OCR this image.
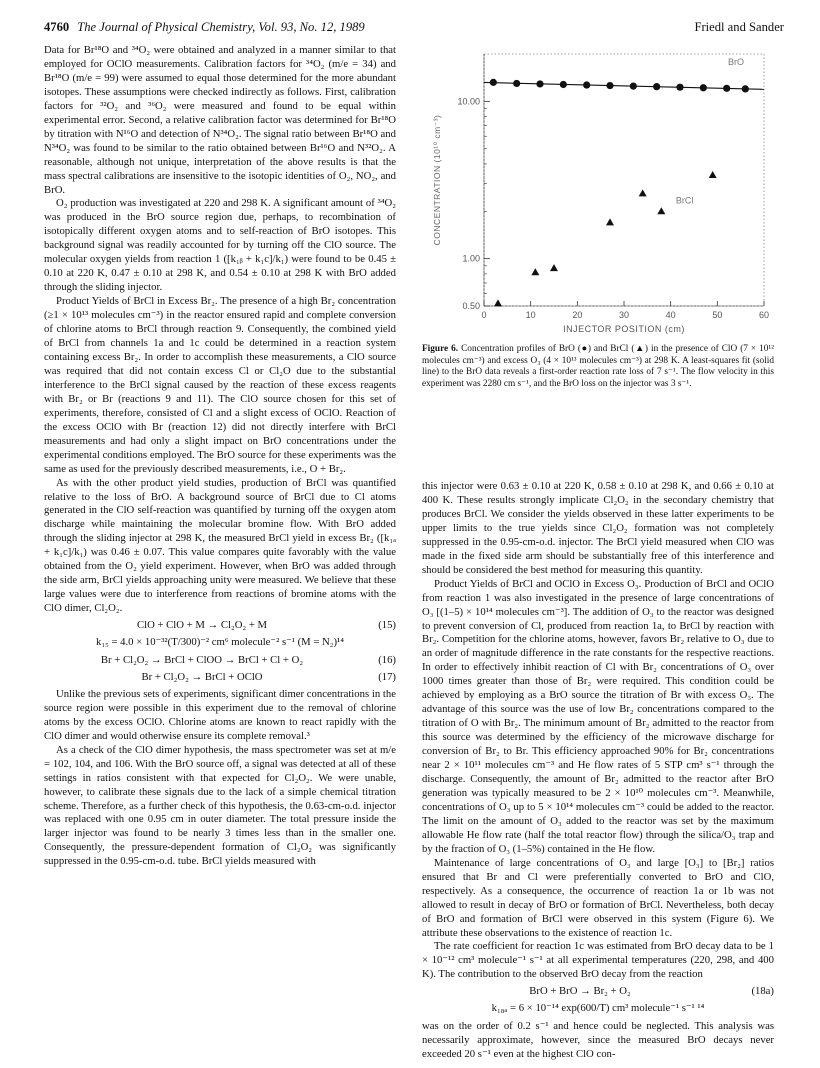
4760 The Journal of Physical Chemistry, Vol. 93, No. 12, 1989	Friedl and Sander

Data for Br¹⁸O and ³⁴O₂ were obtained and analyzed in a manner similar to that employed for OClO measurements. Calibration factors for ³⁴O₂ (m/e = 34) and Br¹⁸O (m/e = 99) were assumed to equal those determined for the more abundant isotopes. These assumptions were checked indirectly as follows. First, calibration factors for ³²O₂ and ³⁶O₂ were measured and found to be equal within experimental error. Second, a relative calibration factor was determined for Br¹⁸O by titration with N¹⁶O and detection of N³⁴O₂. The signal ratio between Br¹⁸O and N³⁴O₂ was found to be similar to the ratio obtained between Br¹⁶O and N³²O₂. A reasonable, although not unique, interpretation of the above results is that the mass spectral calibrations are insensitive to the isotopic identities of O₂, NO₂, and BrO.

O₂ production was investigated at 220 and 298 K. A significant amount of ³⁴O₂ was produced in the BrO source region due, perhaps, to recombination of isotopically different oxygen atoms and to self-reaction of BrO isotopes. This background signal was readily accounted for by turning off the ClO source. The molecular oxygen yields from reaction 1 ([k₁ᵦ + k₁c]/k₁) were found to be 0.45 ± 0.10 at 220 K, 0.47 ± 0.10 at 298 K, and 0.54 ± 0.10 at 298 K with BrO added through the sliding injector.

Product Yields of BrCl in Excess Br₂. The presence of a high Br₂ concentration (≥1 × 10¹³ molecules cm⁻³) in the reactor ensured rapid and complete conversion of chlorine atoms to BrCl through reaction 9. Consequently, the combined yield of BrCl from channels 1a and 1c could be determined in a reaction system containing excess Br₂. In order to accomplish these measurements, a ClO source was required that did not contain excess Cl or Cl₂O due to the substantial interference to the BrCl signal caused by the reaction of these excess reagents with Br₂ or Br (reactions 9 and 11). The ClO source chosen for this set of experiments, therefore, consisted of Cl and a slight excess of OClO. Reaction of the excess OClO with Br (reaction 12) did not directly interfere with BrCl measurements and had only a slight impact on BrO concentrations under the experimental conditions employed. The BrO source for these experiments was the same as used for the previously described measurements, i.e., O + Br₂.

As with the other product yield studies, production of BrCl was quantified relative to the loss of BrO. A background source of BrCl due to Cl atoms generated in the ClO self-reaction was quantified by turning off the oxygen atom discharge while maintaining the molecular bromine flow. With BrO added through the sliding injector at 298 K, the measured BrCl yield in excess Br₂ ([k₁ₐ + k₁c]/k₁) was 0.46 ± 0.07. This value compares quite favorably with the value obtained from the O₂ yield experiment. However, when BrO was added through the side arm, BrCl yields approaching unity were measured. We believe that these large values were due to interference from reactions of bromine atoms with the ClO dimer, Cl₂O₂.

ClO + ClO + M → Cl₂O₂ + M	(15)
k₁₅ = 4.0 × 10⁻³²(T/300)⁻² cm⁶ molecule⁻² s⁻¹ (M = N₂)¹⁴
Br + Cl₂O₂ → BrCl + ClOO → BrCl + Cl + O₂	(16)
Br + Cl₂O₂ → BrCl + OClO	(17)

Unlike the previous sets of experiments, significant dimer concentrations in the source region were possible in this experiment due to the removal of chlorine atoms by the excess OClO. Chlorine atoms are known to react rapidly with the ClO dimer and would otherwise ensure its complete removal.³

As a check of the ClO dimer hypothesis, the mass spectrometer was set at m/e = 102, 104, and 106. With the BrO source off, a signal was detected at all of these settings in ratios consistent with that expected for Cl₂O₂. We were unable, however, to calibrate these signals due to the lack of a simple chemical titration scheme. Therefore, as a further check of this hypothesis, the 0.63-cm-o.d. injector was replaced with one 0.95 cm in outer diameter. The total pressure inside the larger injector was found to be nearly 3 times less than in the smaller one. Consequently, the pressure-dependent formation of Cl₂O₂ was significantly suppressed in the 0.95-cm-o.d. tube. BrCl yields measured with

0	10	20	30	40	50	60
0.50
1.00
10.00
INJECTOR POSITION (cm)
CONCENTRATION (10¹⁰ cm⁻³)
BrO
BrCl
Figure 6. Concentration profiles of BrO (●) and BrCl (▲) in the presence of ClO (7 × 10¹² molecules cm⁻³) and excess O₃ (4 × 10¹³ molecules cm⁻³) at 298 K. A least-squares fit (solid line) to the BrO data reveals a first-order reaction rate loss of 7 s⁻¹. The flow velocity in this experiment was 2280 cm s⁻¹, and the BrO loss on the injector was 3 s⁻¹.

this injector were 0.63 ± 0.10 at 220 K, 0.58 ± 0.10 at 298 K, and 0.66 ± 0.10 at 400 K. These results strongly implicate Cl₂O₂ in the secondary chemistry that produces BrCl. We consider the yields observed in these latter experiments to be upper limits to the true yields since Cl₂O₂ formation was not completely suppressed in the 0.95-cm-o.d. injector. The BrCl yield measured when ClO was made in the fixed side arm should be substantially free of this interference and should be considered the best method for measuring this quantity.

Product Yields of BrCl and OClO in Excess O₃. Production of BrCl and OClO from reaction 1 was also investigated in the presence of large concentrations of O₃ [(1–5) × 10¹⁴ molecules cm⁻³]. The addition of O₃ to the reactor was designed to prevent conversion of Cl, produced from reaction 1a, to BrCl by reaction with Br₂. Competition for the chlorine atoms, however, favors Br₂ relative to O₃ due to an order of magnitude difference in the rate constants for the respective reactions. In order to effectively inhibit reaction of Cl with Br₂ concentrations of O₃ over 1000 times greater than those of Br₂ were required. This condition could be achieved by employing as a BrO source the titration of Br with excess O₃. The advantage of this source was the use of low Br₂ concentrations compared to the titration of O with Br₂. The minimum amount of Br₂ admitted to the reactor from this source was determined by the efficiency of the microwave discharge for conversion of Br₂ to Br. This efficiency approached 90% for Br₂ concentrations near 2 × 10¹¹ molecules cm⁻³ and He flow rates of 5 STP cm³ s⁻¹ through the discharge. Consequently, the amount of Br₂ admitted to the reactor after BrO generation was typically measured to be 2 × 10¹⁰ molecules cm⁻³. Meanwhile, concentrations of O₃ up to 5 × 10¹⁴ molecules cm⁻³ could be added to the reactor. The limit on the amount of O₃ added to the reactor was set by the maximum allowable He flow rate (half the total reactor flow) through the silica/O₃ trap and by the fraction of O₃ (1–5%) contained in the He flow.

Maintenance of large concentrations of O₃ and large [O₃] to [Br₂] ratios ensured that Br and Cl were preferentially converted to BrO and ClO, respectively. As a consequence, the occurrence of reaction 1a or 1b was not allowed to result in decay of BrO or formation of BrCl. Nevertheless, both decay of BrO and formation of BrCl were observed in this system (Figure 6). We attribute these observations to the existence of reaction 1c.

The rate coefficient for reaction 1c was estimated from BrO decay data to be 1 × 10⁻¹² cm³ molecule⁻¹ s⁻¹ at all experimental temperatures (220, 298, and 400 K). The contribution to the observed BrO decay from the reaction

BrO + BrO → Br₂ + O₂	(18a)
k₁₈ₐ = 6 × 10⁻¹⁴ exp(600/T) cm³ molecule⁻¹ s⁻¹ ¹⁴

was on the order of 0.2 s⁻¹ and hence could be neglected. This analysis was necessarily approximate, however, since the measured BrO decays never exceeded 20 s⁻¹ even at the highest ClO con-
